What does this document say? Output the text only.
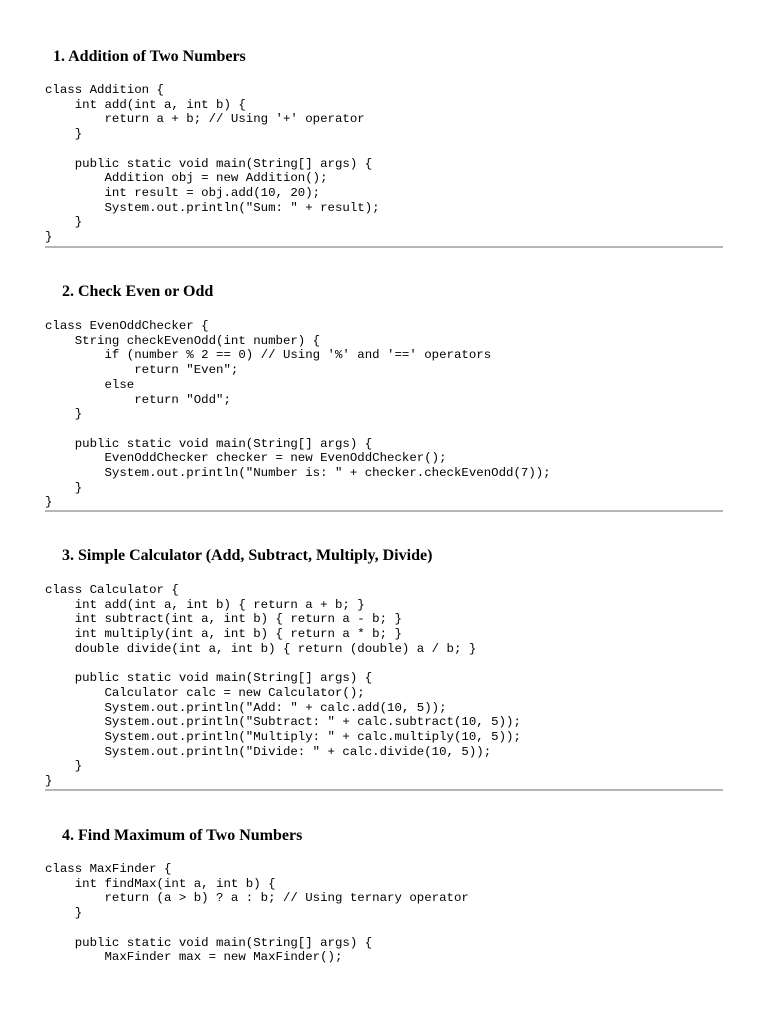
1. Addition of Two Numbers
class Addition {
int add(int a, int b) {
return a + b; // Using '+' operator
}

public static void main(String[] args) {
Addition obj = new Addition();
int result = obj.add(10, 20);
System.out.println("Sum: " + result);
}
}
2. Check Even or Odd
class EvenOddChecker {
String checkEvenOdd(int number) {
if (number % 2 == 0) // Using '%' and '==' operators
return "Even";
else
return "Odd";
}

public static void main(String[] args) {
EvenOddChecker checker = new EvenOddChecker();
System.out.println("Number is: " + checker.checkEvenOdd(7));
}
}
3. Simple Calculator (Add, Subtract, Multiply, Divide)
class Calculator {
int add(int a, int b) { return a + b; }
int subtract(int a, int b) { return a - b; }
int multiply(int a, int b) { return a * b; }
double divide(int a, int b) { return (double) a / b; }

public static void main(String[] args) {
Calculator calc = new Calculator();
System.out.println("Add: " + calc.add(10, 5));
System.out.println("Subtract: " + calc.subtract(10, 5));
System.out.println("Multiply: " + calc.multiply(10, 5));
System.out.println("Divide: " + calc.divide(10, 5));
}
}
4. Find Maximum of Two Numbers
class MaxFinder {
int findMax(int a, int b) {
return (a > b) ? a : b; // Using ternary operator
}

public static void main(String[] args) {
MaxFinder max = new MaxFinder();
